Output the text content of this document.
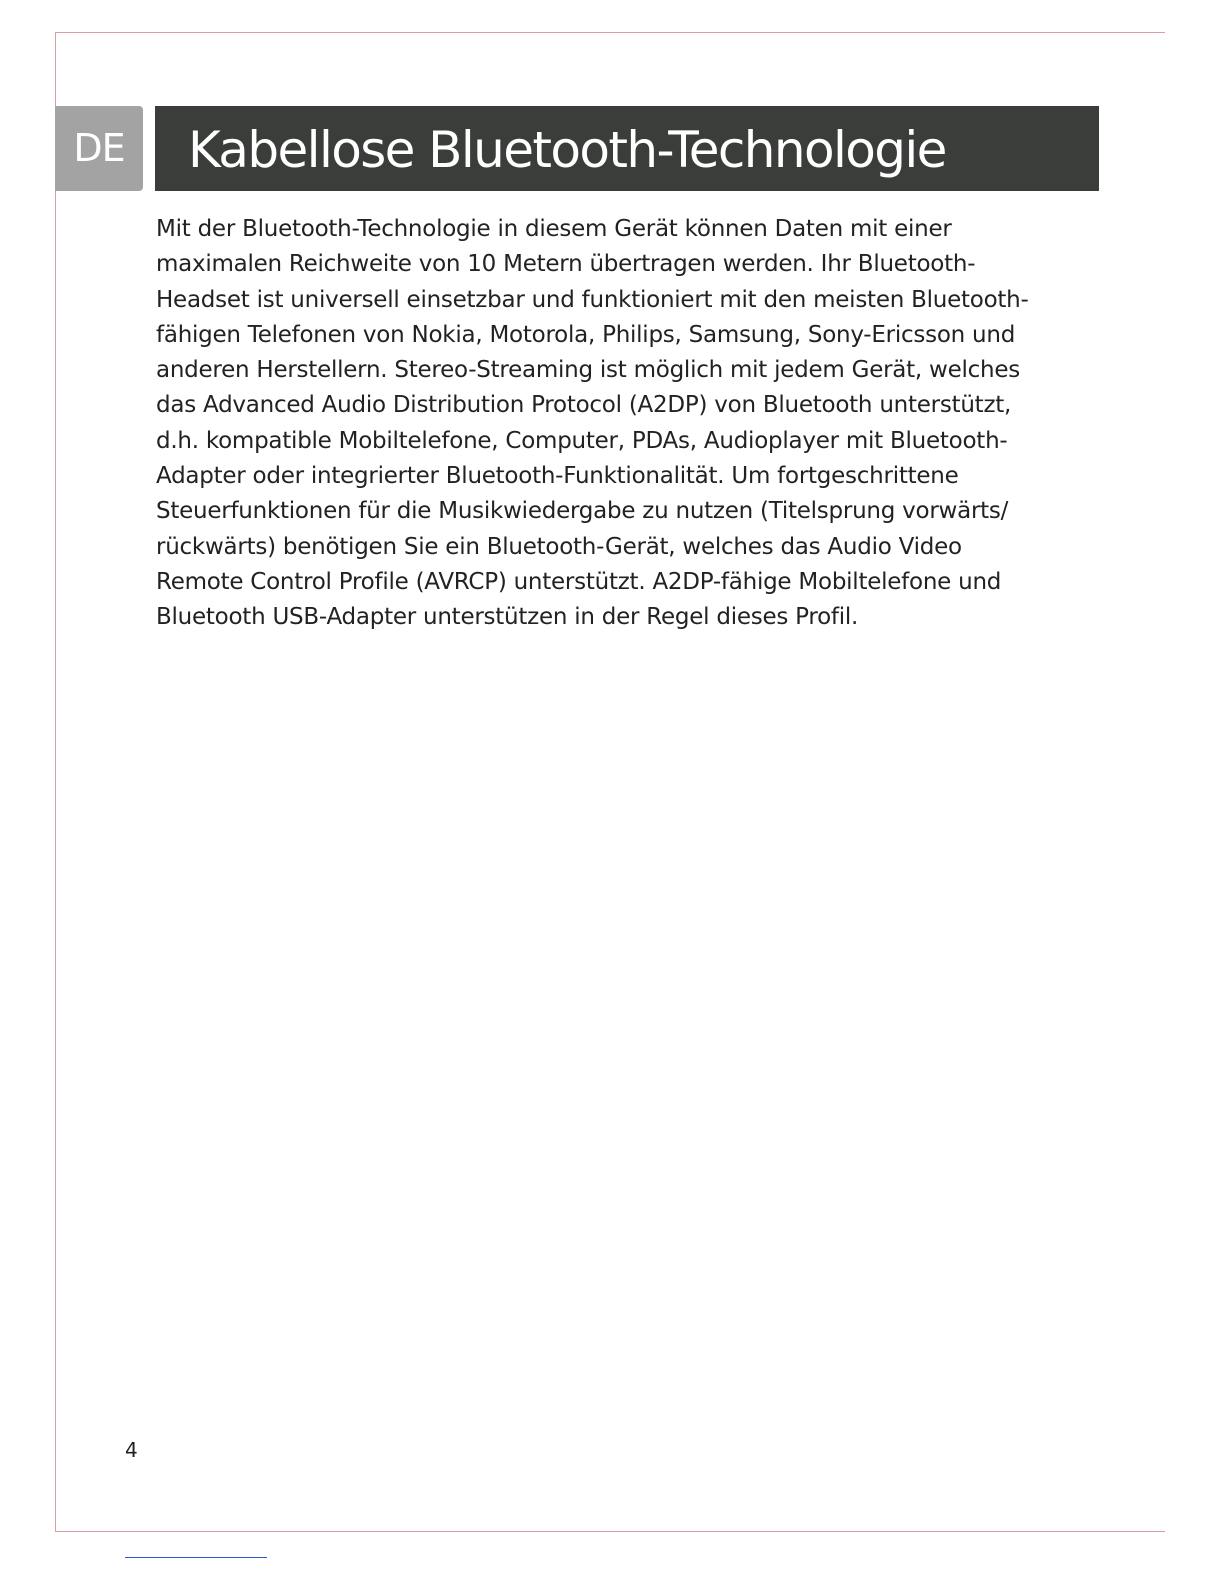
DE	Kabellose Bluetooth-Technologie

Mit der Bluetooth-Technologie in diesem Gerät können Daten mit einer
maximalen Reichweite von 10 Metern übertragen werden. Ihr Bluetooth-
Headset ist universell einsetzbar und funktioniert mit den meisten Bluetooth-
fähigen Telefonen von Nokia, Motorola, Philips, Samsung, Sony-Ericsson und
anderen Herstellern. Stereo-Streaming ist möglich mit jedem Gerät, welches
das Advanced Audio Distribution Protocol (A2DP) von Bluetooth unterstützt,
d.h. kompatible Mobiltelefone, Computer, PDAs, Audioplayer mit Bluetooth-
Adapter oder integrierter Bluetooth-Funktionalität. Um fortgeschrittene
Steuerfunktionen für die Musikwiedergabe zu nutzen (Titelsprung vorwärts/
rückwärts) benötigen Sie ein Bluetooth-Gerät, welches das Audio Video
Remote Control Profile (AVRCP) unterstützt. A2DP-fähige Mobiltelefone und
Bluetooth USB-Adapter unterstützen in der Regel dieses Profil.

4
